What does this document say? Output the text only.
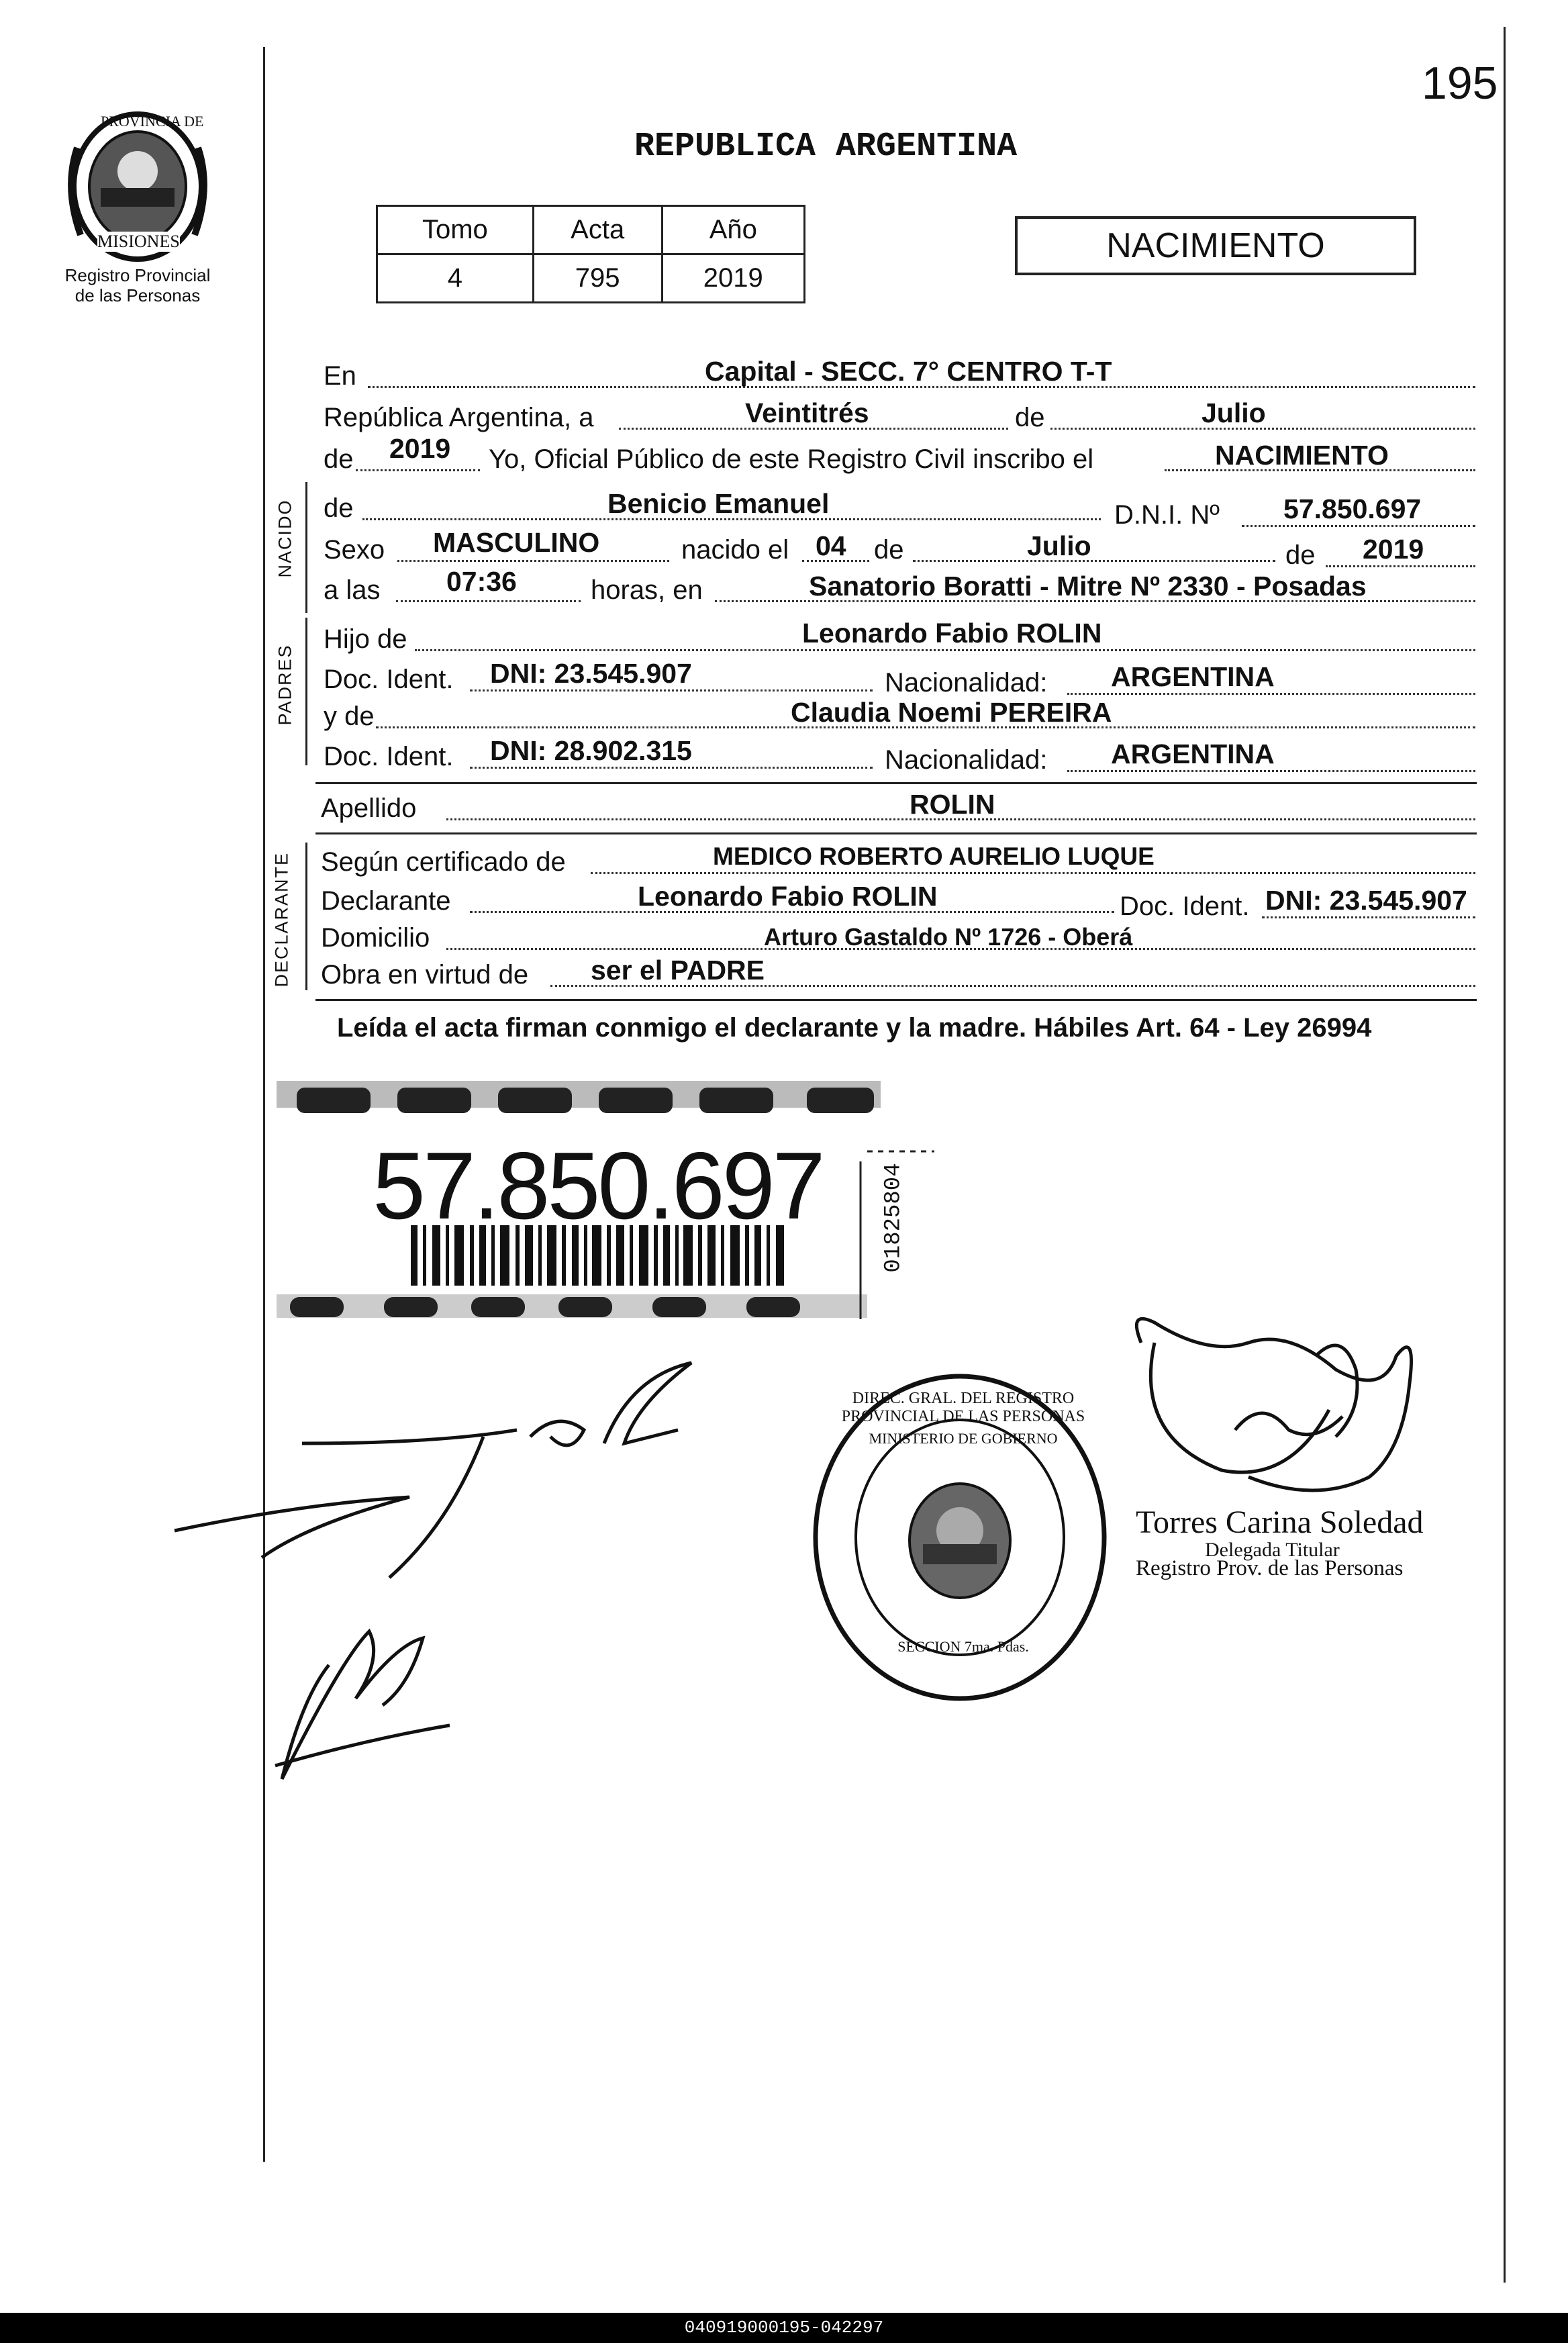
195
PROVINCIA DE
MISIONES
Registro Provincial
de las Personas
REPUBLICA ARGENTINA
Tomo	Acta	Año
4	795	2019
NACIMIENTO
En	Capital - SECC. 7° CENTRO T-T
República Argentina, a	Veintitrés	de	Julio
de 2019 Yo, Oficial Público de este Registro Civil inscribo el	NACIMIENTO
NACIDO de	Benicio Emanuel	D.N.I. Nº 57.850.697
Sexo MASCULINO	nacido el 04 de	Julio	de 2019
a las 07:36	horas, en	Sanatorio Boratti - Mitre Nº 2330 - Posadas
PADRES
Hijo de	Leonardo Fabio ROLIN
Doc. Ident. DNI: 23.545.907	Nacionalidad: ARGENTINA
y de	Claudia Noemi PEREIRA
Doc. Ident. DNI: 28.902.315	Nacionalidad: ARGENTINA
Apellido	ROLIN
DECLARANTE Según certificado de	MEDICO ROBERTO AURELIO LUQUE
Declarante	Leonardo Fabio ROLIN	Doc. Ident. DNI: 23.545.907
Domicilio	Arturo Gastaldo Nº 1726 - Oberá
Obra en virtud de ser el PADRE
Leída el acta firman conmigo el declarante y la madre. Hábiles Art. 64 - Ley 26994
57.850.697	01825804
DIREC. GRAL. DEL REGISTRO PROVINCIAL DE LAS PERSONAS
MINISTERIO DE GOBIERNO
SECCION 7ma. Pdas.
Torres Carina Soledad
Delegada Titular
Registro Prov. de las Personas
040919000195-042297
